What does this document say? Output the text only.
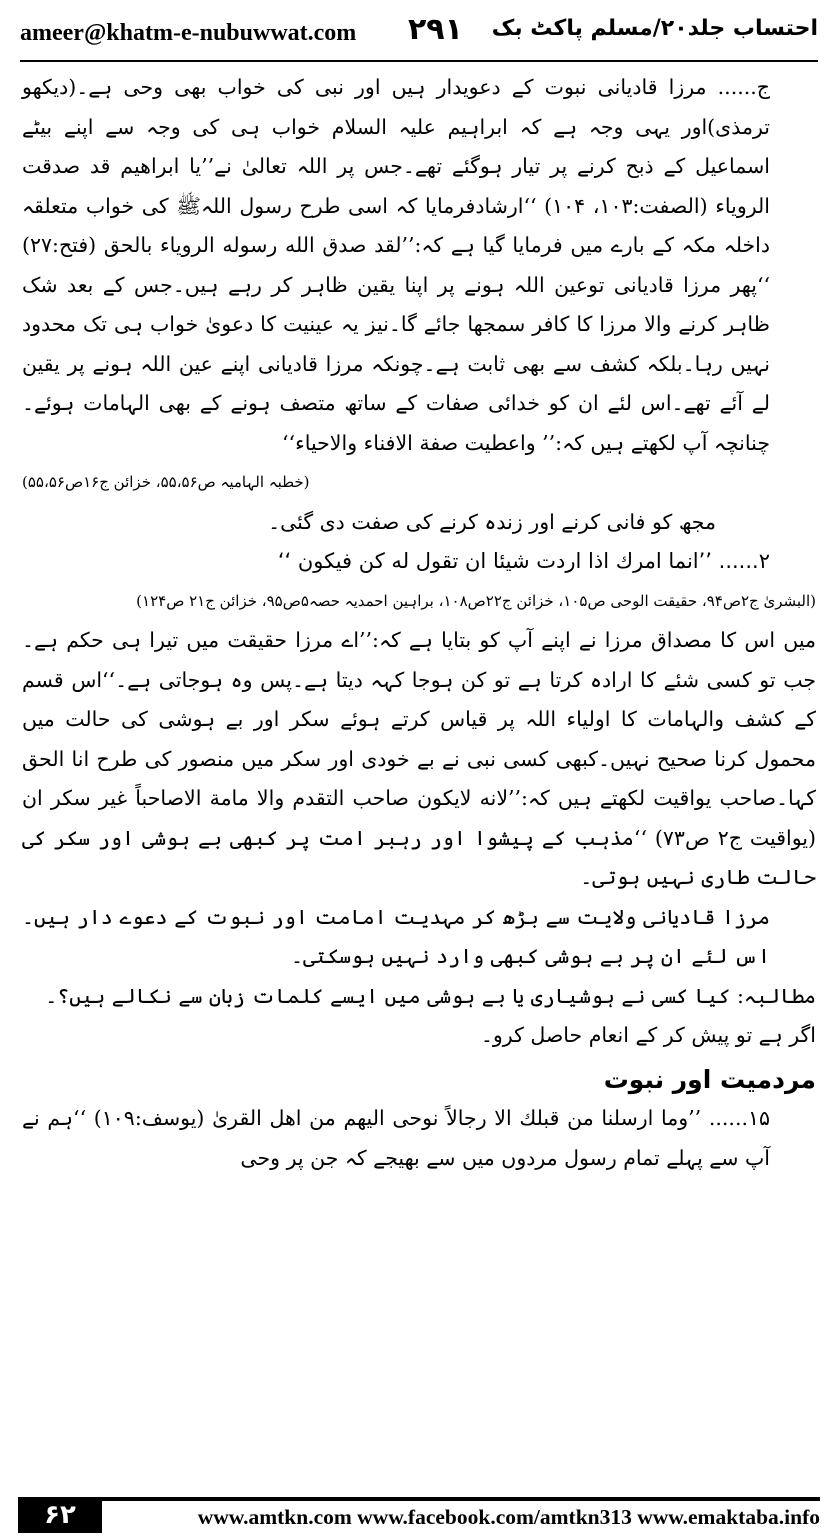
ameer@khatm-e-nubuwwat.com ۲۹۱ احتساب جلد۲۰/مسلم پاکٹ بک

ج...... مرزا قادیانی نبوت کے دعویدار ہیں اور نبی کی خواب بھی وحی ہے۔(دیکھو ترمذی)اور یہی وجہ ہے کہ ابراہیم علیہ السلام خواب ہی کی وجہ سے اپنے بیٹے اسماعیل کے ذبح کرنے پر تیار ہوگئے تھے۔جس پر اللہ تعالیٰ نے’’یا ابراهیم قد صدقت الرویاء (الصفت:۱۰۳، ۱۰۴) ‘‘ارشادفرمایا کہ اسی طرح رسول اللہﷺ کی خواب متعلقہ داخلہ مکہ کے بارے میں فرمایا گیا ہے کہ:’’لقد صدق الله رسوله الرویاء بالحق (فتح:۲۷) ‘‘پھر مرزا قادیانی توعین اللہ ہونے پر اپنا یقین ظاہر کر رہے ہیں۔جس کے بعد شک ظاہر کرنے والا مرزا کا کافر سمجھا جائے گا۔نیز یہ عینیت کا دعویٰ خواب ہی تک محدود نہیں رہا۔بلکہ کشف سے بھی ثابت ہے۔چونکہ مرزا قادیانی اپنے عین اللہ ہونے پر یقین لے آئے تھے۔اس لئے ان کو خدائی صفات کے ساتھ متصف ہونے کے بھی الہامات ہوئے۔چنانچہ آپ لکھتے ہیں کہ:’’ واعطیت صفة الافناء والاحیاء‘‘

(خطبہ الہامیہ ص۵۵،۵۶، خزائن ج۱۶ص۵۵،۵۶)

مجھ کو فانی کرنے اور زندہ کرنے کی صفت دی گئی۔

۲...... ’’انما امرك اذا اردت شیئا ان تقول له کن فیکون ‘‘

(البشریٰ ج۲ص۹۴، حقیقت الوحی ص۱۰۵، خزائن ج۲۲ص۱۰۸، براہین احمدیہ حصہ۵ص۹۵، خزائن ج۲۱ ص۱۲۴)

میں اس کا مصداق مرزا نے اپنے آپ کو بتایا ہے کہ:’’اے مرزا حقیقت میں تیرا ہی حکم ہے۔جب تو کسی شئے کا ارادہ کرتا ہے تو کن ہوجا کہہ دیتا ہے۔پس وہ ہوجاتی ہے۔‘‘اس قسم کے کشف والہامات کا اولیاء اللہ پر قیاس کرتے ہوئے سکر اور بے ہوشی کی حالت میں محمول کرنا صحیح نہیں۔کبھی کسی نبی نے بے خودی اور سکر میں منصور کی طرح انا الحق کہا۔صاحب یواقیت لکھتے ہیں کہ:’’لانه لایکون صاحب التقدم والا مامة الاصاحباً غیر سکر ان (یواقیت ج۲ ص۷۳) ‘‘مذہب کے پیشوا اور رہبر امت پر کبھی بے ہوشی اور سکر کی حالت طاری نہیں ہوتی۔

مرزا قادیانی ولایت سے بڑھ کر مہدیت امامت اور نبوت کے دعوے دار ہیں۔اس لئے ان پر بے ہوشی کبھی وارد نہیں ہوسکتی۔

مطالبہ: کیا کسی نے ہوشیاری یا بے ہوشی میں ایسے کلمات زبان سے نکالے ہیں؟۔

اگر ہے تو پیش کر کے انعام حاصل کرو۔

مردمیت اور نبوت

۱۵...... ’’وما ارسلنا من قبلك الا رجالاً نوحی الیهم من اهل القریٰ (یوسف:۱۰۹) ‘‘ہم نے آپ سے پہلے تمام رسول مردوں میں سے بھیجے کہ جن پر وحی

۶۲	www.amtkn.com www.facebook.com/amtkn313 www.emaktaba.info
